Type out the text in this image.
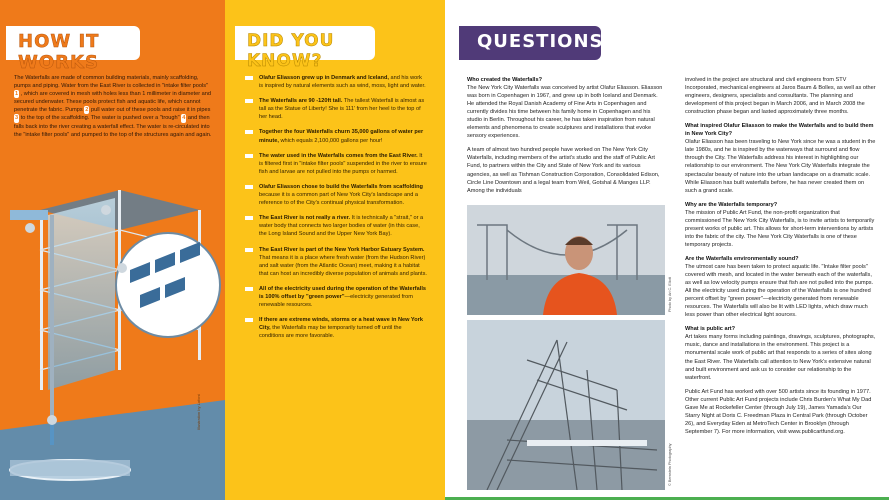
HOW IT WORKS
The Waterfalls are made of common building materials, mainly scaffolding, pumps and piping. Water from the East River is collected in "intake filter pools" 1 , which are covered in mesh with holes less than 1 millimeter in diameter and secured underwater. These pools protect fish and aquatic life, which cannot penetrate the fabric. Pumps 2 pull water out of these pools and raise it in pipes 3 to the top of the scaffolding. The water is pushed over a "trough" 4 and then falls back into the river creating a waterfall effect. The water is re-circulated into the "intake filter pools" and pumped to the top of the structures again and again.
Illustration by Lafont
DID YOU KNOW?
Olafur Eliasson grew up in Denmark and Iceland, and his work is inspired by natural elements such as wind, moss, light and water.
The Waterfalls are 90 -120ft tall. The tallest Waterfall is almost as tall as the Statue of Liberty! She is 111' from her heel to the top of her head.
Together the four Waterfalls churn 35,000 gallons of water per minute, which equals 2,100,000 gallons per hour!
The water used in the Waterfalls comes from the East River. It is filtered first in "intake filter pools" suspended in the river to ensure fish and larvae are not pulled into the pumps or harmed.
Olafur Eliasson chose to build the Waterfalls from scaffolding because it is a common part of New York City's landscape and a reference to of the City's continual physical transformation.
The East River is not really a river. It is technically a "strait," or a water body that connects two larger bodies of water (in this case, the Long Island Sound and the Upper New York Bay).
The East River is part of the New York Harbor Estuary System. That means it is a place where fresh water (from the Hudson River) and salt water (from the Atlantic Ocean) meet, making it a habitat that can host an incredibly diverse population of animals and plants.
All of the electricity used during the operation of the Waterfalls is 100% offset by "green power"—electricity generated from renewable resources.
If there are extreme winds, storms or a heat wave in New York City, the Waterfalls may be temporarily turned off until the conditions are more favorable.
QUESTIONS
Who created the Waterfalls?

The New York City Waterfalls was conceived by artist Olafur Eliasson. Eliasson was born in Copenhagen in 1967, and grew up in both Iceland and Denmark. He attended the Royal Danish Academy of Fine Arts in Copenhagen and currently divides his time between his family home in Copenhagen and his studio in Berlin. Throughout his career, he has taken inspiration from natural elements and phenomena to create sculptures and installations that evoke sensory experiences.

A team of almost two hundred people have worked on The New York City Waterfalls, including members of the artist's studio and the staff of Public Art Fund, to partners within the City and State of New York and its various agencies, as well as Tishman Construction Corporation, Consolidated Edison, Circle Line Downtown and a legal team from Weil, Gotshal & Manges LLP. Among the individuals

Photo by Ari C. Eliott
© Bernstein Photography

involved in the project are structural and civil engineers from STV Incorporated, mechanical engineers at Jaros Baum & Bolles, as well as other engineers, designers, specialists and consultants. The planning and development of this project began in March 2006, and in March 2008 the construction phase began and lasted approximately three months.

What inspired Olafur Eliasson to make the Waterfalls and to build them in New York City?

Olafur Eliasson has been traveling to New York since he was a student in the late 1980s, and he is inspired by the waterways that surround and flow through the City. The Waterfalls address his interest in highlighting our relationship to our environment. The New York City Waterfalls integrate the spectacular beauty of nature into the urban landscape on a dramatic scale. While Eliasson has built waterfalls before, he has never created them on such a grand scale.

Why are the Waterfalls temporary?

The mission of Public Art Fund, the non-profit organization that commissioned The New York City Waterfalls, is to invite artists to temporarily present works of public art. This allows for short-term interventions by artists into the fabric of the city. The New York City Waterfalls is one of these temporary projects.

Are the Waterfalls environmentally sound?

The utmost care has been taken to protect aquatic life. "Intake filter pools" covered with mesh, and located in the water beneath each of the waterfalls, as well as low velocity pumps ensure that fish are not pulled into the pumps. All the electricity used during the operation of the Waterfalls is one hundred percent offset by "green power"—electricity generated from renewable resources. The Waterfalls will also be lit with LED lights, which draw much less power than other electrical light sources.

What is public art?

Art takes many forms including paintings, drawings, sculptures, photographs, music, dance and installations in the environment. This project is a monumental scale work of public art that responds to a series of sites along the East River. The Waterfalls call attention to New York's extensive natural and built environment and ask us to consider our relationship to the waterfront.

Public Art Fund has worked with over 500 artists since its founding in 1977. Other current Public Art Fund projects include Chris Burden's What My Dad Gave Me at Rockefeller Center (through July 19), James Yamada's Our Starry Night at Doris C. Freedman Plaza in Central Park (through October 26), and Everyday Eden at MetroTech Center in Brooklyn (through September 7). For more information, visit www.publicartfund.org.
